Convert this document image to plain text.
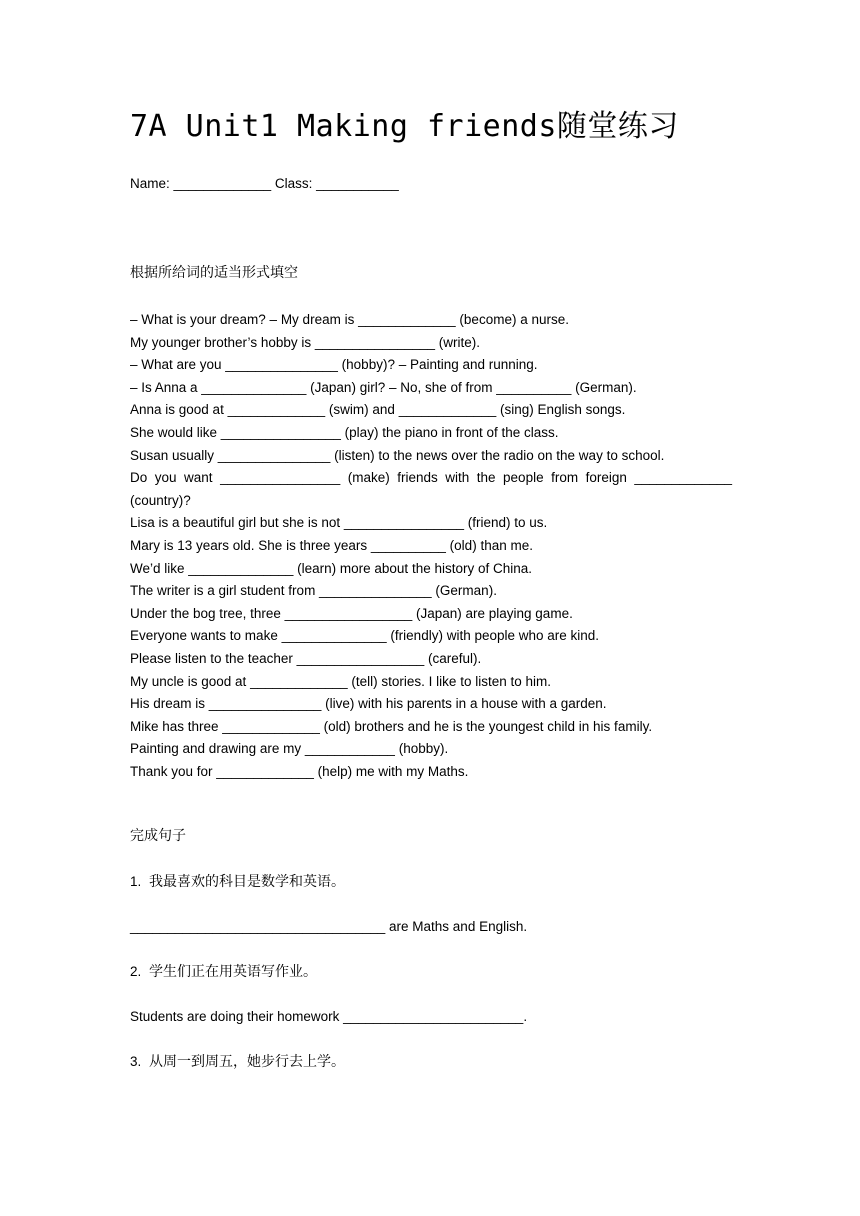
7A Unit1 Making friends随堂练习
Name: _____________ Class: ___________
根据所给词的适当形式填空
– What is your dream? – My dream is _____________ (become) a nurse.
My younger brother’s hobby is ________________ (write).
– What are you _______________ (hobby)? – Painting and running.
– Is Anna a ______________ (Japan) girl? – No, she of from __________ (German).
Anna is good at _____________ (swim) and _____________ (sing) English songs.
She would like ________________ (play) the piano in front of the class.
Susan usually _______________ (listen) to the news over the radio on the way to school.
Do you want ________________ (make) friends with the people from foreign _____________ (country)?
Lisa is a beautiful girl but she is not ________________ (friend) to us.
Mary is 13 years old. She is three years __________ (old) than me.
We’d like ______________ (learn) more about the history of China.
The writer is a girl student from _______________ (German).
Under the bog tree, three _________________ (Japan) are playing game.
Everyone wants to make ______________ (friendly) with people who are kind.
Please listen to the teacher _________________ (careful).
My uncle is good at _____________ (tell) stories. I like to listen to him.
His dream is _______________ (live) with his parents in a house with a garden.
Mike has three _____________ (old) brothers and he is the youngest child in his family.
Painting and drawing are my ____________ (hobby).
Thank you for _____________ (help) me with my Maths.
完成句子
1. 我最喜欢的科目是数学和英语。
__________________________________ are Maths and English.
2. 学生们正在用英语写作业。
Students are doing their homework ________________________.
3. 从周一到周五，她步行去上学。
